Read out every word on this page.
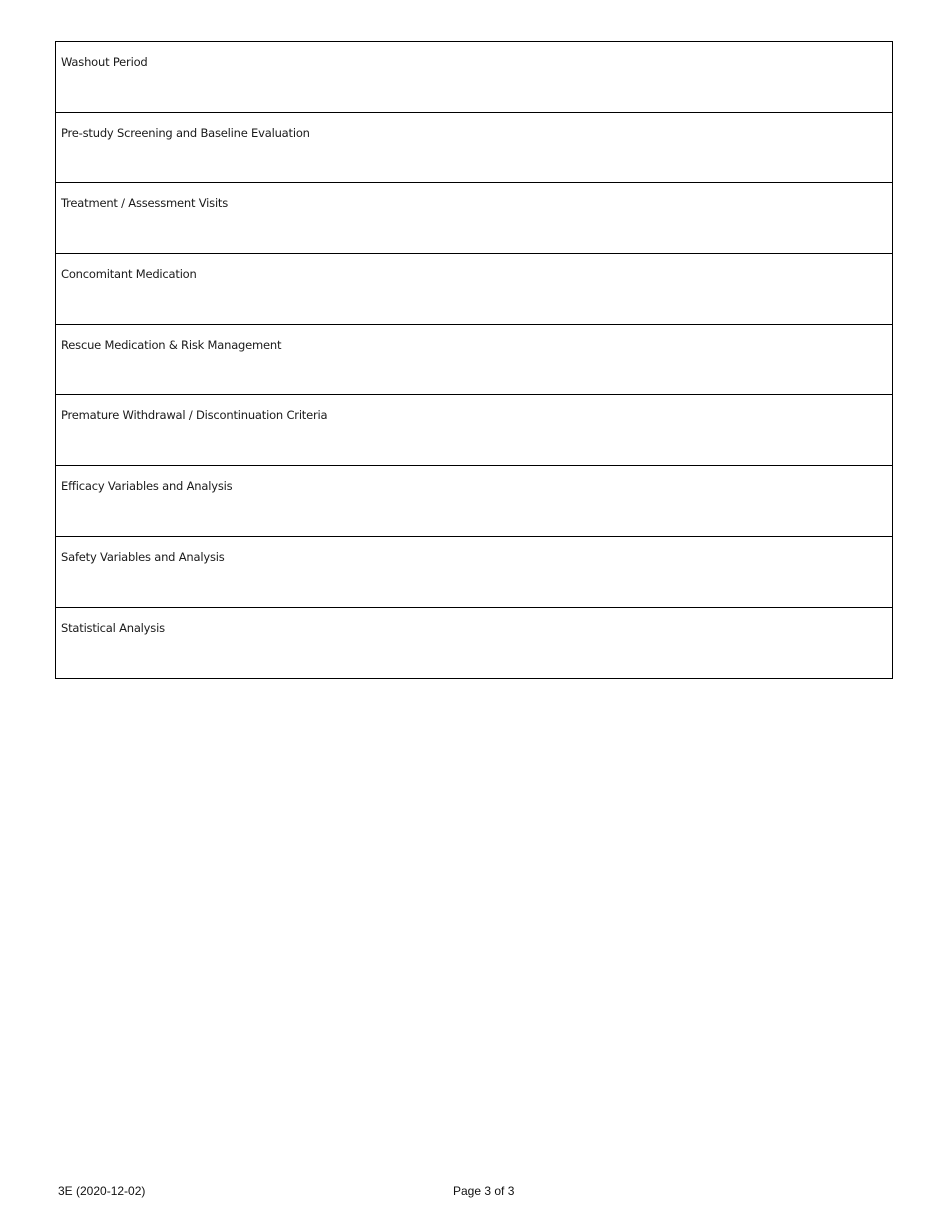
Washout Period
Pre-study Screening and Baseline Evaluation
Treatment / Assessment Visits
Concomitant Medication
Rescue Medication & Risk Management
Premature Withdrawal / Discontinuation Criteria
Efficacy Variables and Analysis
Safety Variables and Analysis
Statistical Analysis
3E (2020-12-02)	Page 3 of 3
